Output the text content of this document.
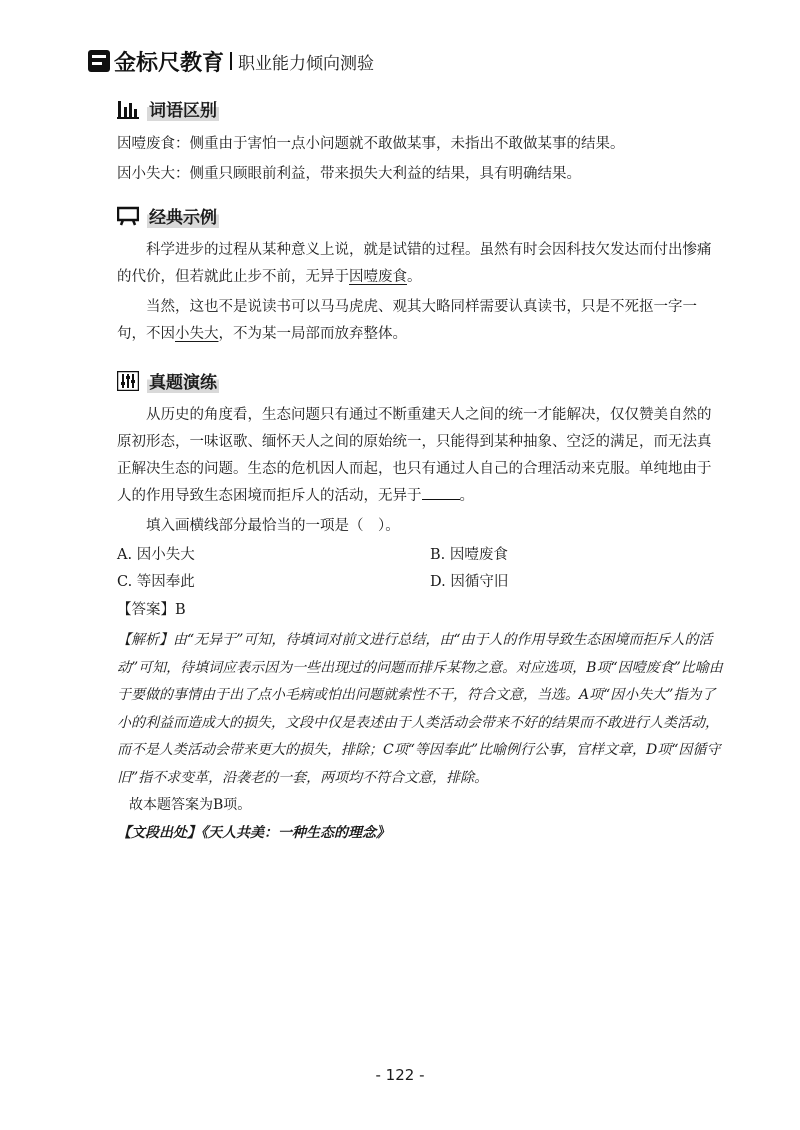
金标尺教育 职业能力倾向测验
词语区别
因噎废食：侧重由于害怕一点小问题就不敢做某事，未指出不敢做某事的结果。
因小失大：侧重只顾眼前利益，带来损失大利益的结果，具有明确结果。
经典示例
科学进步的过程从某种意义上说，就是试错的过程。虽然有时会因科技欠发达而付出惨痛的代价，但若就此止步不前，无异于因噎废食。
当然，这也不是说读书可以马马虎虎、观其大略同样需要认真读书，只是不死抠一字一句，不因小失大，不为某一局部而放弃整体。
真题演练
从历史的角度看，生态问题只有通过不断重建天人之间的统一才能解决，仅仅赞美自然的原初形态，一味讴歌、缅怀天人之间的原始统一，只能得到某种抽象、空泛的满足，而无法真正解决生态的问题。生态的危机因人而起，也只有通过人自己的合理活动来克服。单纯地由于人的作用导致生态困境而拒斥人的活动，无异于	。
填入画横线部分最恰当的一项是（　）。
A. 因小失大	B. 因噎废食
C. 等因奉此	D. 因循守旧
【答案】B
【解析】由“无异于”可知，待填词对前文进行总结，由“由于人的作用导致生态困境而拒斥人的活动”可知，待填词应表示因为一些出现过的问题而排斥某物之意。对应选项，B项“因噎废食”比喻由于要做的事情由于出了点小毛病或怕出问题就索性不干，符合文意，当选。A项“因小失大”指为了小的利益而造成大的损失，文段中仅是表述由于人类活动会带来不好的结果而不敢进行人类活动，而不是人类活动会带来更大的损失，排除；C项“等因奉此”比喻例行公事，官样文章，D项“因循守旧”指不求变革，沿袭老的一套，两项均不符合文意，排除。
故本题答案为B项。
【文段出处】《天人共美：一种生态的理念》
- 122 -
